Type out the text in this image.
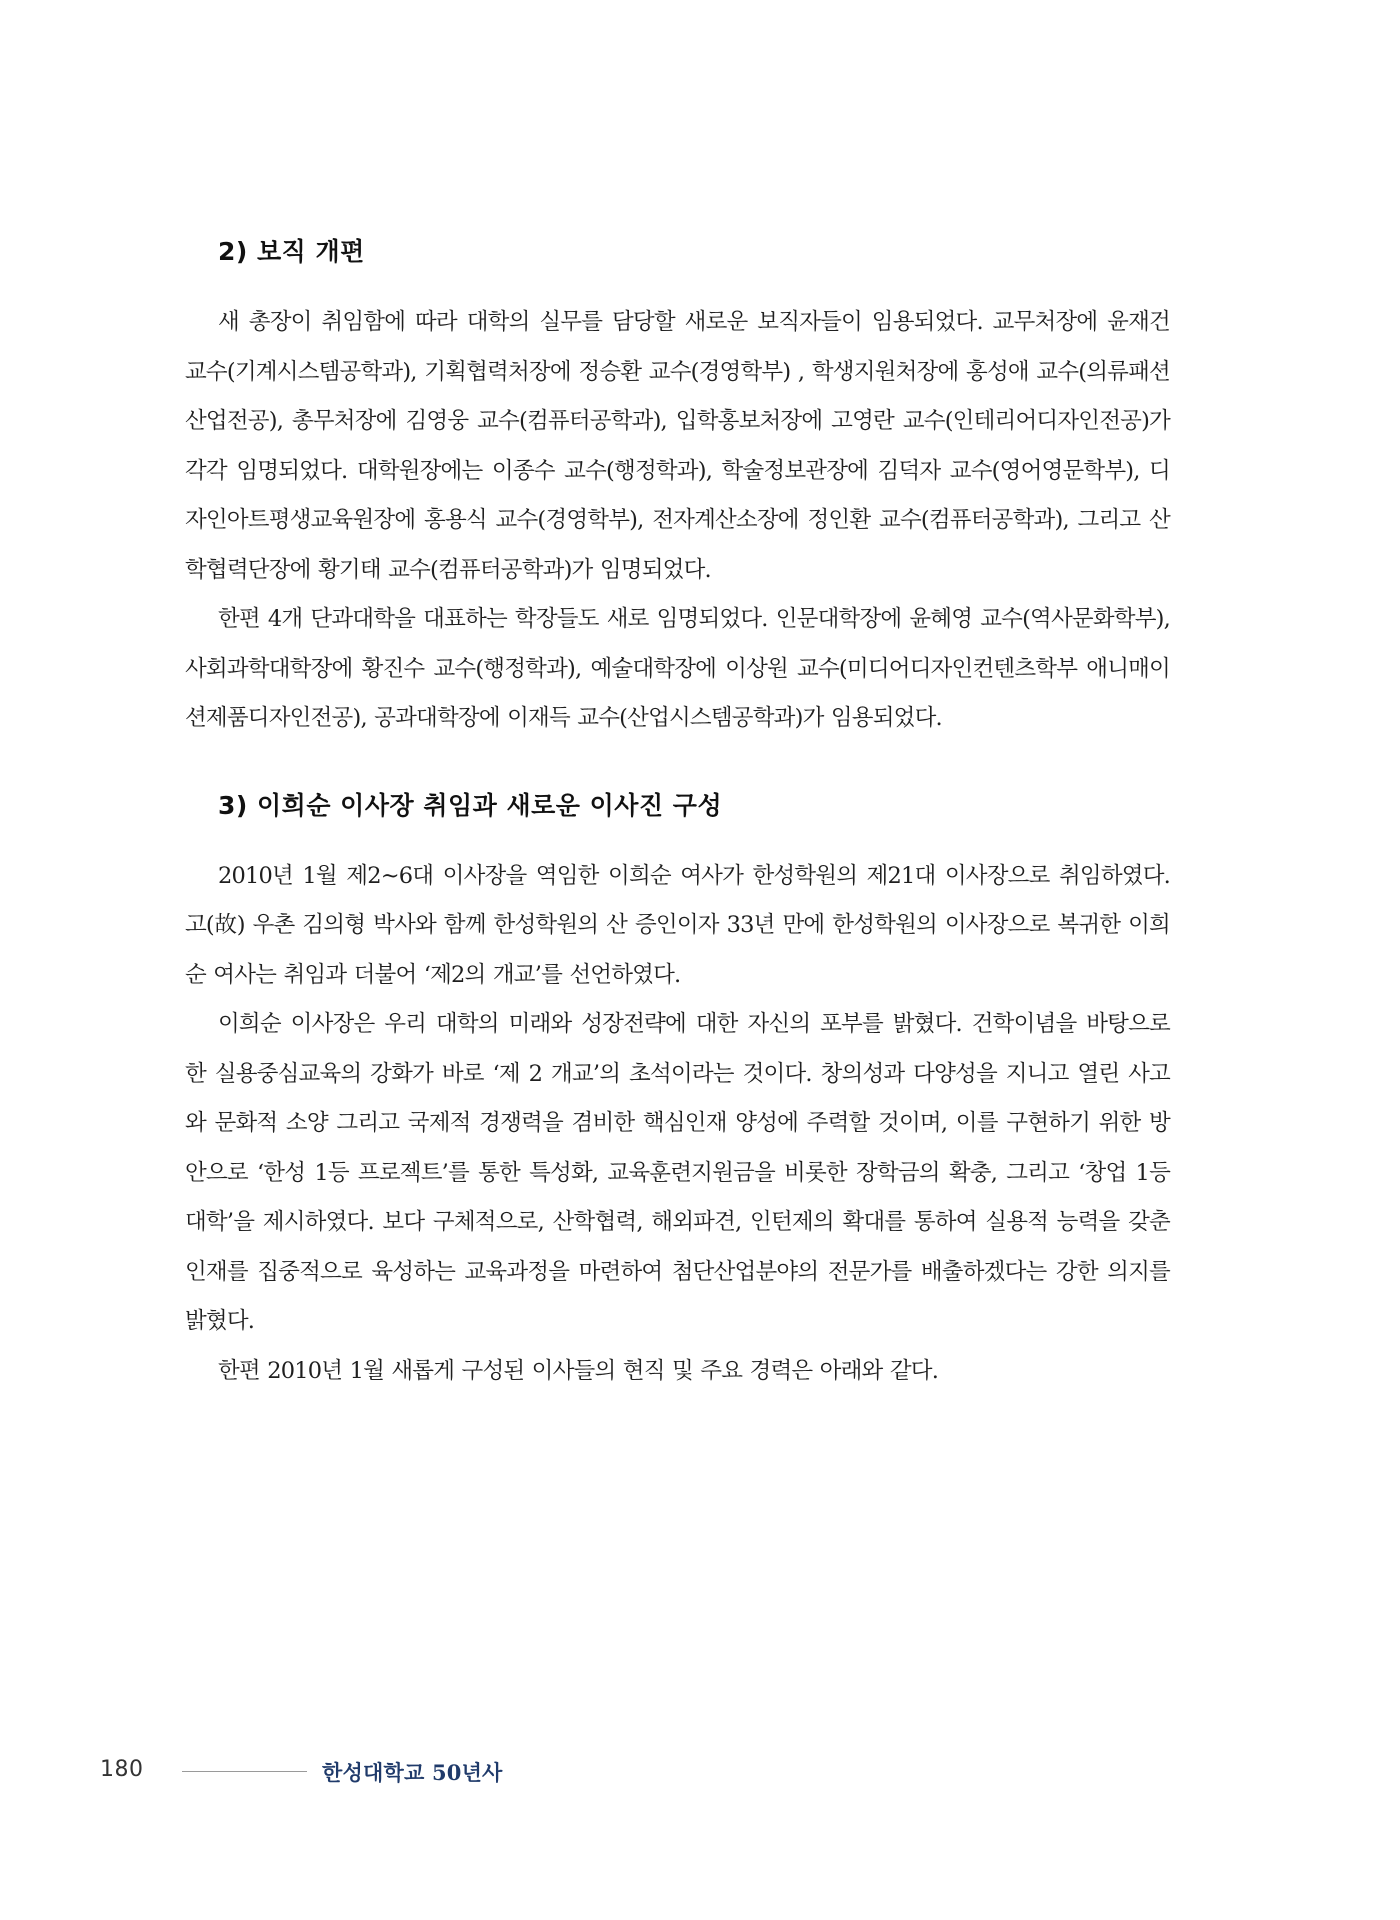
2) 보직 개편

새 총장이 취임함에 따라 대학의 실무를 담당할 새로운 보직자들이 임용되었다. 교무처장에 윤재건 교수(기계시스템공학과), 기획협력처장에 정승환 교수(경영학부) , 학생지원처장에 홍성애 교수(의류패션산업전공), 총무처장에 김영웅 교수(컴퓨터공학과), 입학홍보처장에 고영란 교수(인테리어디자인전공)가 각각 임명되었다. 대학원장에는 이종수 교수(행정학과), 학술정보관장에 김덕자 교수(영어영문학부), 디자인아트평생교육원장에 홍용식 교수(경영학부), 전자계산소장에 정인환 교수(컴퓨터공학과), 그리고 산학협력단장에 황기태 교수(컴퓨터공학과)가 임명되었다.

한편 4개 단과대학을 대표하는 학장들도 새로 임명되었다. 인문대학장에 윤혜영 교수(역사문화학부), 사회과학대학장에 황진수 교수(행정학과), 예술대학장에 이상원 교수(미디어디자인컨텐츠학부 애니매이션제품디자인전공), 공과대학장에 이재득 교수(산업시스템공학과)가 임용되었다.

3) 이희순 이사장 취임과 새로운 이사진 구성

2010년 1월 제2~6대 이사장을 역임한 이희순 여사가 한성학원의 제21대 이사장으로 취임하였다. 고(故) 우촌 김의형 박사와 함께 한성학원의 산 증인이자 33년 만에 한성학원의 이사장으로 복귀한 이희순 여사는 취임과 더불어 ‘제2의 개교’를 선언하였다.

이희순 이사장은 우리 대학의 미래와 성장전략에 대한 자신의 포부를 밝혔다. 건학이념을 바탕으로 한 실용중심교육의 강화가 바로 ‘제 2 개교’의 초석이라는 것이다. 창의성과 다양성을 지니고 열린 사고와 문화적 소양 그리고 국제적 경쟁력을 겸비한 핵심인재 양성에 주력할 것이며, 이를 구현하기 위한 방안으로 ‘한성 1등 프로젝트’를 통한 특성화, 교육훈련지원금을 비롯한 장학금의 확충, 그리고 ‘창업 1등 대학’을 제시하였다. 보다 구체적으로, 산학협력, 해외파견, 인턴제의 확대를 통하여 실용적 능력을 갖춘 인재를 집중적으로 육성하는 교육과정을 마련하여 첨단산업분야의 전문가를 배출하겠다는 강한 의지를 밝혔다.

한편 2010년 1월 새롭게 구성된 이사들의 현직 및 주요 경력은 아래와 같다.

180	한성대학교 50년사
